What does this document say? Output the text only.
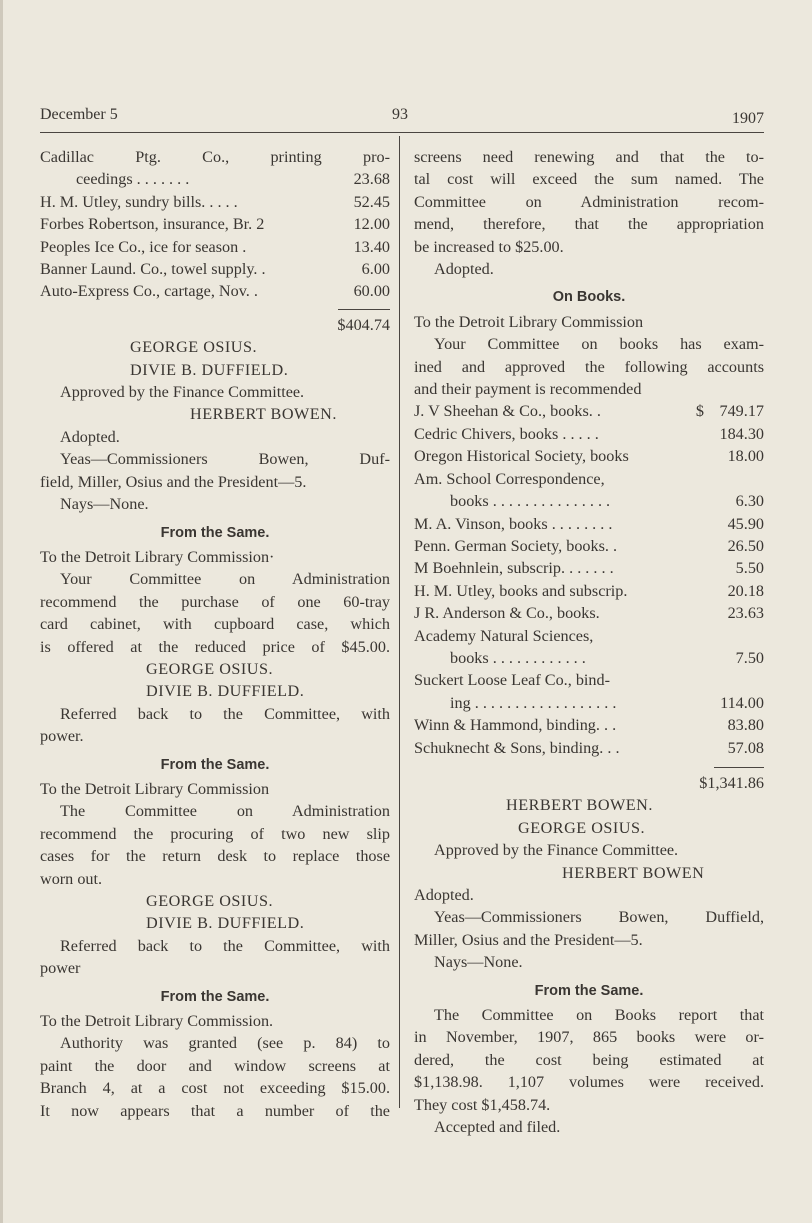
December 5	93	1907
Cadillac Ptg. Co., printing pro-
ceedings . . . . . . .	23.68
H. M. Utley, sundry bills. . . . .	52.45
Forbes Robertson, insurance, Br. 2	12.00
Peoples Ice Co., ice for season .	13.40
Banner Laund. Co., towel supply. .	6.00
Auto-Express Co., cartage, Nov. .	60.00
$404.74
GEORGE OSIUS.
DIVIE B. DUFFIELD.
Approved by the Finance Committee.
HERBERT BOWEN.
Adopted.
Yeas—Commissioners Bowen, Duf-
field, Miller, Osius and the President—5.
Nays—None.
From the Same.
To the Detroit Library Commission·
Your Committee on Administration
recommend the purchase of one 60-tray
card cabinet, with cupboard case, which
is offered at the reduced price of $45.00.
GEORGE OSIUS.
DIVIE B. DUFFIELD.
Referred back to the Committee, with
power.
From the Same.
To the Detroit Library Commission
The Committee on Administration
recommend the procuring of two new slip
cases for the return desk to replace those
worn out.
GEORGE OSIUS.
DIVIE B. DUFFIELD.
Referred back to the Committee, with
power
From the Same.
To the Detroit Library Commission.
Authority was granted (see p. 84) to
paint the door and window screens at
Branch 4, at a cost not exceeding $15.00.
It now appears that a number of the
screens need renewing and that the to-
tal cost will exceed the sum named. The
Committee on Administration recom-
mend, therefore, that the appropriation
be increased to $25.00.
Adopted.
On Books.
To the Detroit Library Commission
Your Committee on books has exam-
ined and approved the following accounts
and their payment is recommended
J. V Sheehan & Co., books. .	$ 749.17
Cedric Chivers, books . . . . .	184.30
Oregon Historical Society, books	18.00
Am. School Correspondence,
books . . . . . . . . . . . . . . .	6.30
M. A. Vinson, books . . . . . . . .	45.90
Penn. German Society, books. .	26.50
M Boehnlein, subscrip. . . . . . .	5.50
H. M. Utley, books and subscrip.	20.18
J R. Anderson & Co., books.	23.63
Academy Natural Sciences,
books . . . . . . . . . . . .	7.50
Suckert Loose Leaf Co., bind-
ing . . . . . . . . . . . . . . . . . .	114.00
Winn & Hammond, binding. . .	83.80
Schuknecht & Sons, binding. . .	57.08
$1,341.86
HERBERT BOWEN.
GEORGE OSIUS.
Approved by the Finance Committee.
HERBERT BOWEN
Adopted.
Yeas—Commissioners Bowen, Duffield,
Miller, Osius and the President—5.
Nays—None.
From the Same.
The Committee on Books report that
in November, 1907, 865 books were or-
dered, the cost being estimated at
$1,138.98. 1,107 volumes were received.
They cost $1,458.74.
Accepted and filed.
